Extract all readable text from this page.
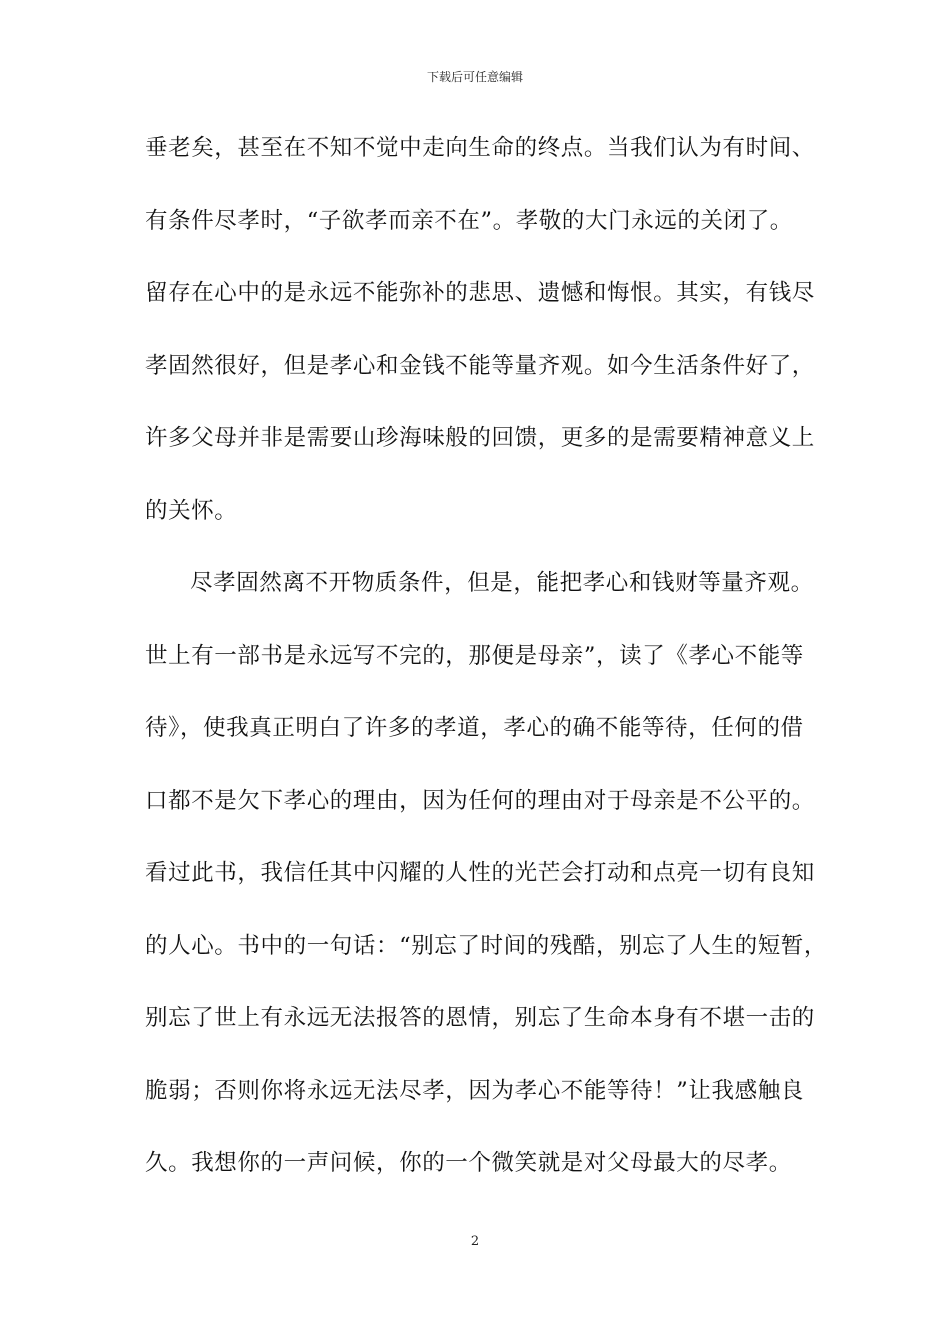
下载后可任意编辑
垂老矣，甚至在不知不觉中走向生命的终点。当我们认为有时间、
有条件尽孝时，“子欲孝而亲不在”。孝敬的大门永远的关闭了。
留存在心中的是永远不能弥补的悲思、遗憾和悔恨。其实，有钱尽
孝固然很好，但是孝心和金钱不能等量齐观。如今生活条件好了，
许多父母并非是需要山珍海味般的回馈，更多的是需要精神意义上
的关怀。
尽孝固然离不开物质条件，但是，能把孝心和钱财等量齐观。
世上有一部书是永远写不完的，那便是母亲”，读了《孝心不能等
待》，使我真正明白了许多的孝道，孝心的确不能等待，任何的借
口都不是欠下孝心的理由，因为任何的理由对于母亲是不公平的。
看过此书，我信任其中闪耀的人性的光芒会打动和点亮一切有良知
的人心。书中的一句话：“别忘了时间的残酷，别忘了人生的短暂，
别忘了世上有永远无法报答的恩情，别忘了生命本身有不堪一击的
脆弱；否则你将永远无法尽孝，因为孝心不能等待！”让我感触良
久。我想你的一声问候，你的一个微笑就是对父母最大的尽孝。
2
